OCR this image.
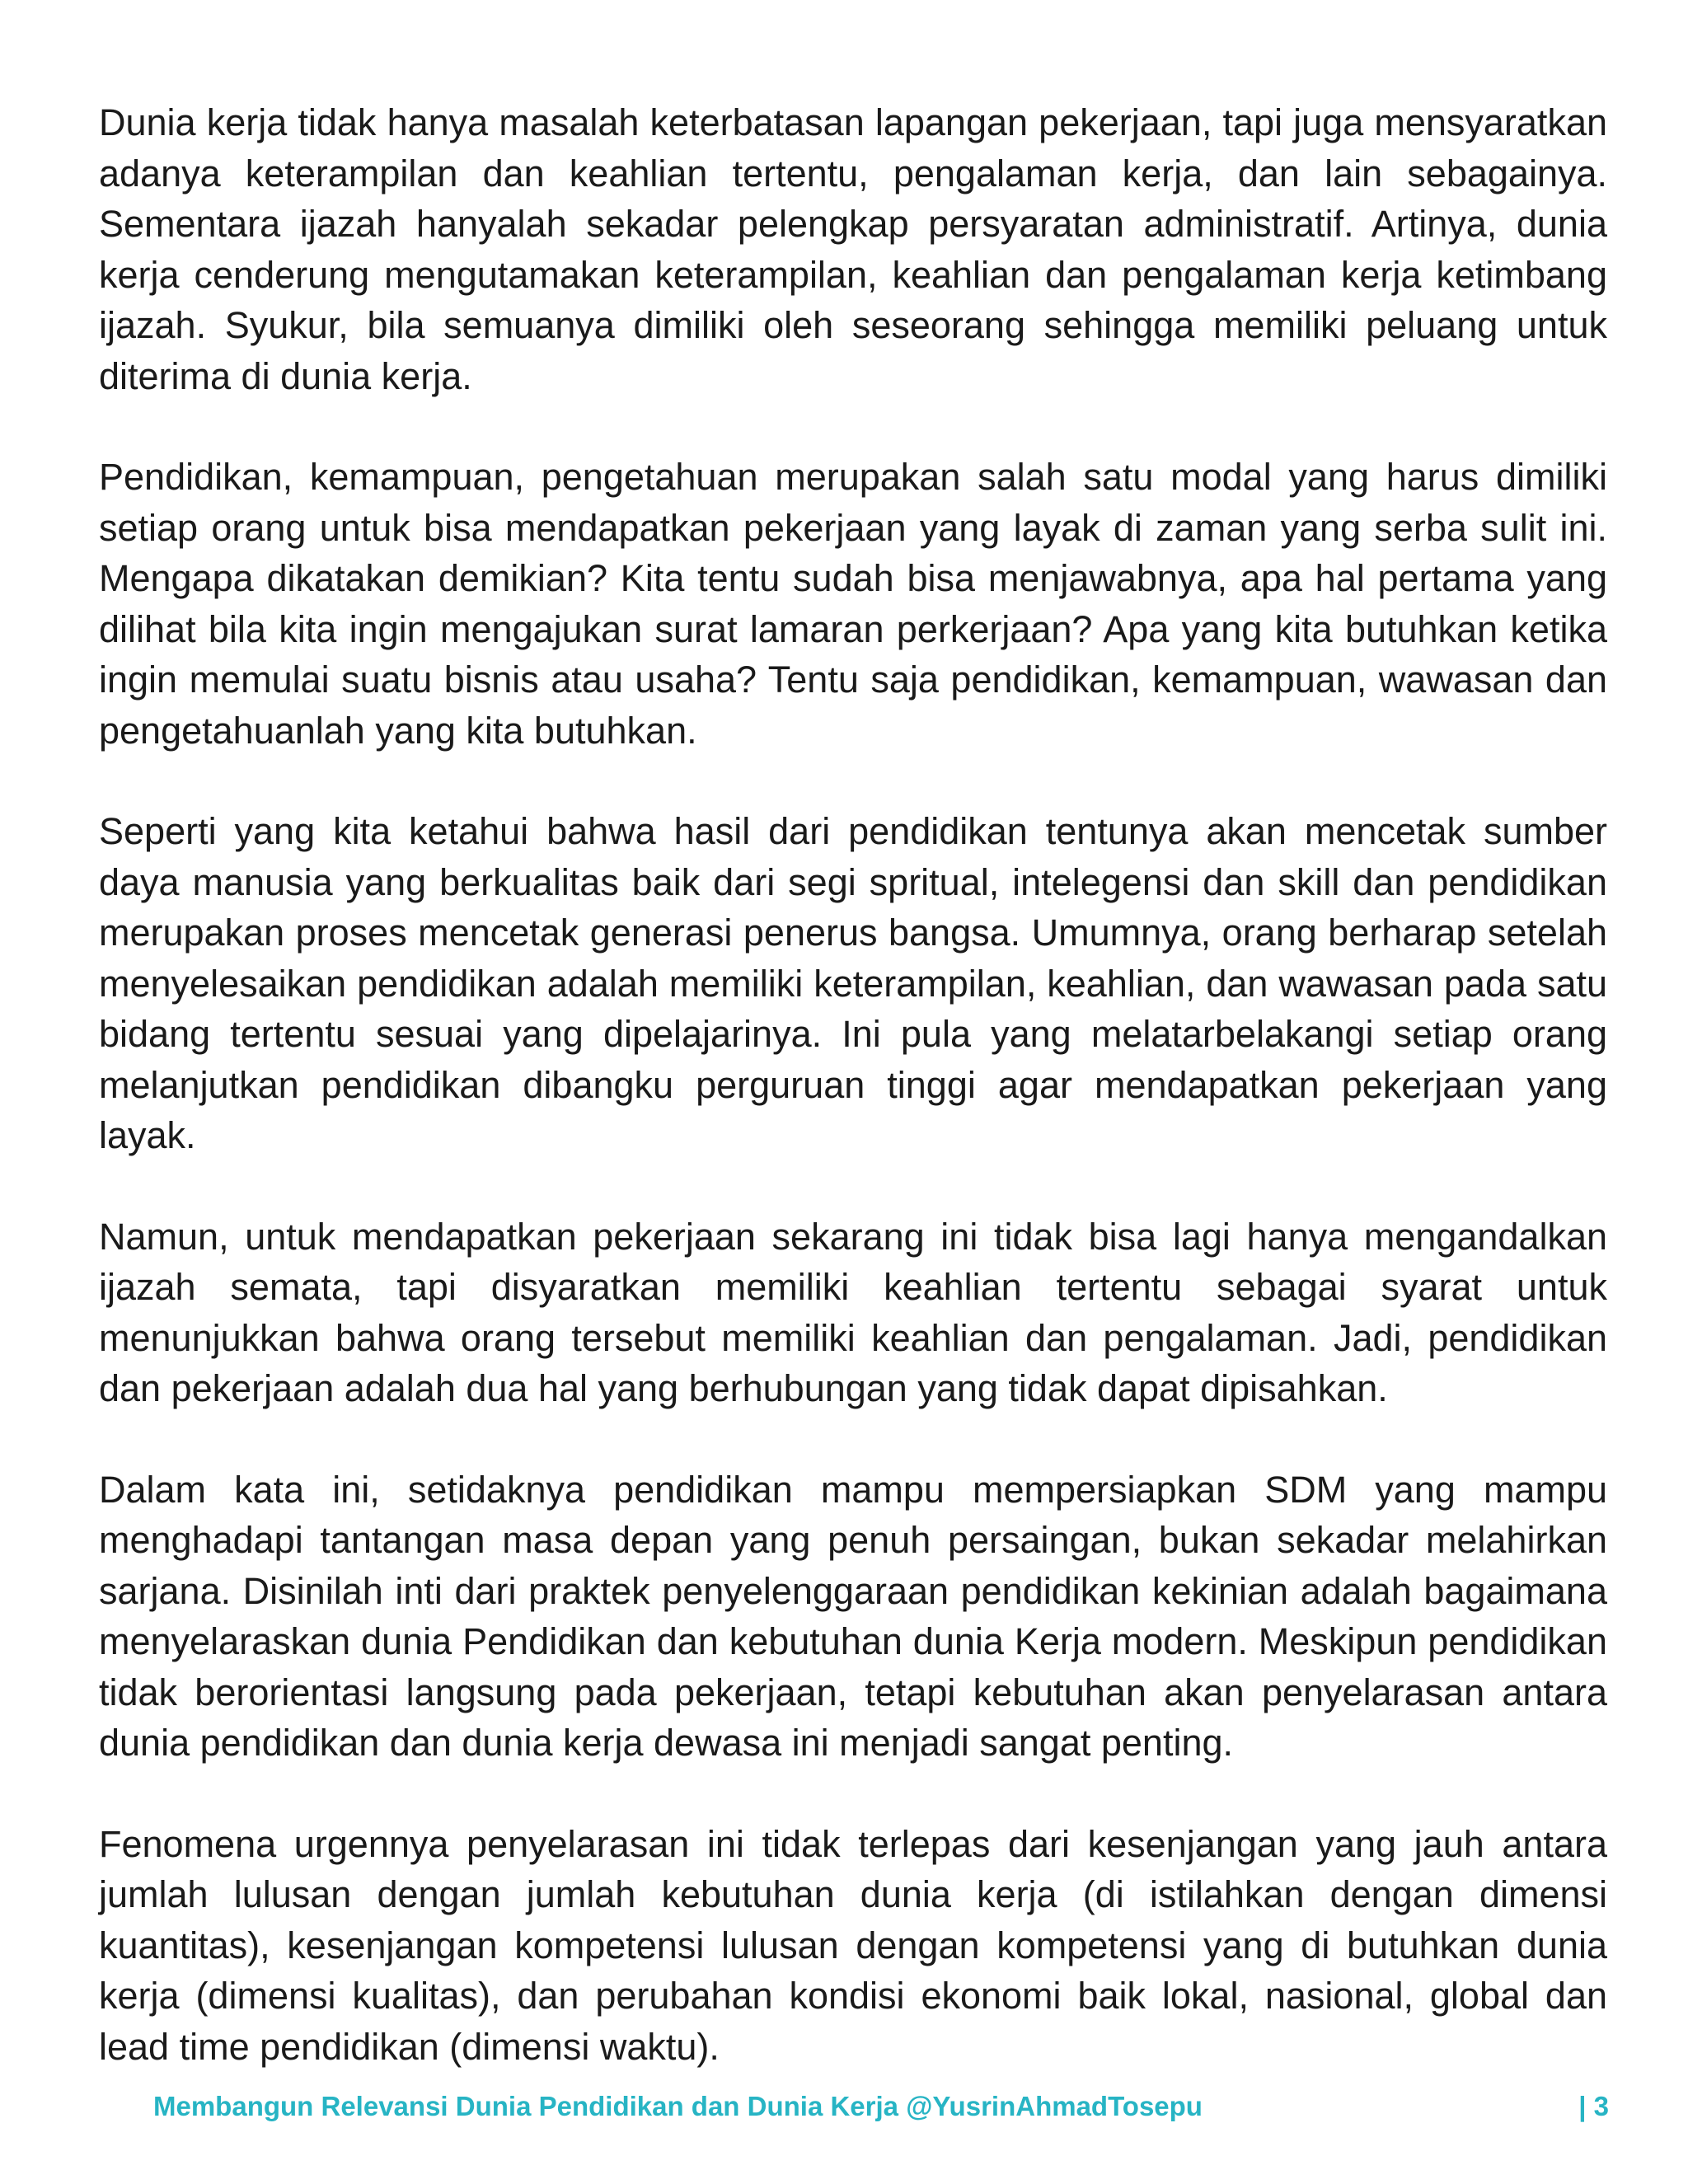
Dunia kerja tidak hanya masalah keterbatasan lapangan pekerjaan, tapi juga mensyaratkan adanya keterampilan dan keahlian tertentu, pengalaman kerja, dan lain sebagainya. Sementara ijazah hanyalah sekadar pelengkap persyaratan administratif. Artinya, dunia kerja cenderung mengutamakan keterampilan, keahlian dan pengalaman kerja ketimbang ijazah. Syukur, bila semuanya dimiliki oleh seseorang sehingga memiliki peluang untuk diterima di dunia kerja.

Pendidikan, kemampuan, pengetahuan merupakan salah satu modal yang harus dimiliki setiap orang untuk bisa mendapatkan pekerjaan yang layak di zaman yang serba sulit ini. Mengapa dikatakan demikian? Kita tentu sudah bisa menjawabnya, apa hal pertama yang dilihat bila kita ingin mengajukan surat lamaran perkerjaan? Apa yang kita butuhkan ketika ingin memulai suatu bisnis atau usaha? Tentu saja pendidikan, kemampuan, wawasan dan pengetahuanlah yang kita butuhkan.

Seperti yang kita ketahui bahwa hasil dari pendidikan tentunya akan mencetak sumber daya manusia yang berkualitas baik dari segi spritual, intelegensi dan skill dan pendidikan merupakan proses mencetak generasi penerus bangsa. Umumnya, orang berharap setelah menyelesaikan pendidikan adalah memiliki keterampilan, keahlian, dan wawasan pada satu bidang tertentu sesuai yang dipelajarinya. Ini pula yang melatarbelakangi setiap orang melanjutkan pendidikan dibangku perguruan tinggi agar mendapatkan pekerjaan yang layak.

Namun, untuk mendapatkan pekerjaan sekarang ini tidak bisa lagi hanya mengandalkan ijazah semata, tapi disyaratkan memiliki keahlian tertentu sebagai syarat untuk menunjukkan bahwa orang tersebut memiliki keahlian dan pengalaman. Jadi, pendidikan dan pekerjaan adalah dua hal yang berhubungan yang tidak dapat dipisahkan.

Dalam kata ini, setidaknya pendidikan mampu mempersiapkan SDM yang mampu menghadapi tantangan masa depan yang penuh persaingan, bukan sekadar melahirkan sarjana. Disinilah inti dari praktek penyelenggaraan pendidikan kekinian adalah bagaimana menyelaraskan dunia Pendidikan dan kebutuhan dunia Kerja modern. Meskipun pendidikan tidak berorientasi langsung pada pekerjaan, tetapi kebutuhan akan penyelarasan antara dunia pendidikan dan dunia kerja dewasa ini menjadi sangat penting.

Fenomena urgennya penyelarasan ini tidak terlepas dari kesenjangan yang jauh antara jumlah lulusan dengan jumlah kebutuhan dunia kerja (di istilahkan dengan dimensi kuantitas), kesenjangan kompetensi lulusan dengan kompetensi yang di butuhkan dunia kerja (dimensi kualitas), dan perubahan kondisi ekonomi baik lokal, nasional, global dan lead time pendidikan (dimensi waktu).

Membangun Relevansi Dunia Pendidikan dan Dunia Kerja @YusrinAhmadTosepu	| 3
